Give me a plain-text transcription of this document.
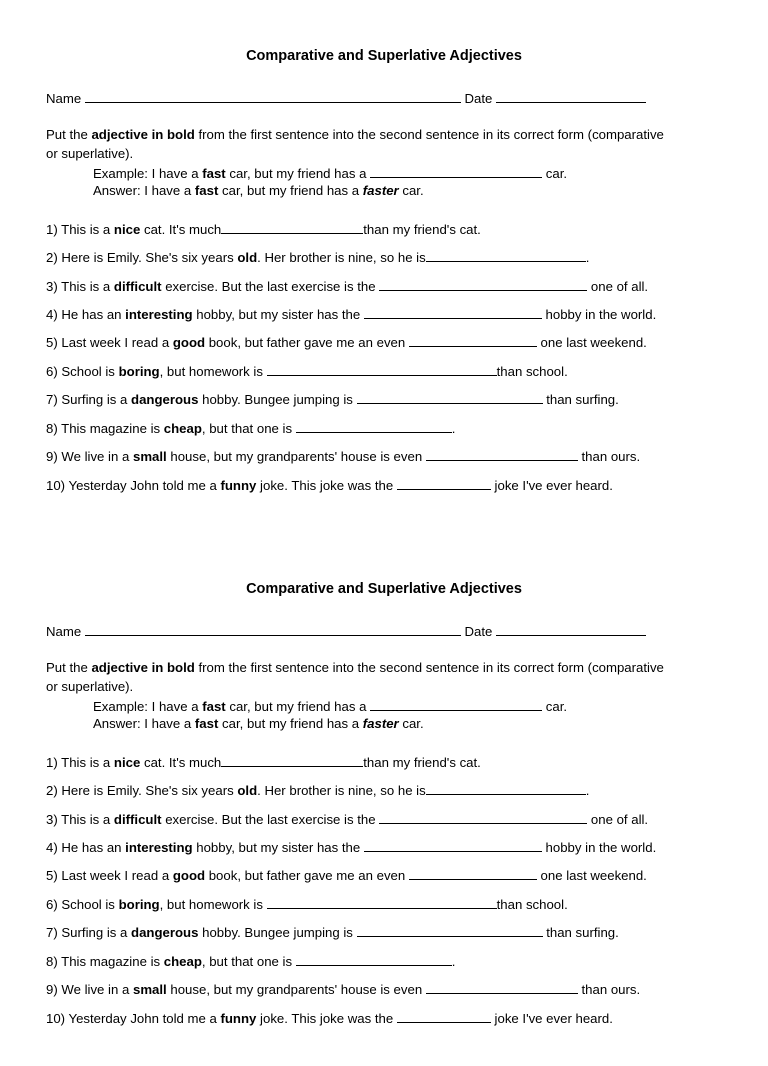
Comparative and Superlative Adjectives
Name	Date
Put the adjective in bold from the first sentence into the second sentence in its correct form (comparative
or superlative).
Example: I have a fast car, but my friend has a	car.
Answer: I have a fast car, but my friend has a faster car.
1) This is a nice cat. It's much	than my friend's cat.
2) Here is Emily. She's six years old. Her brother is nine, so he is	.
3) This is a difficult exercise. But the last exercise is the	one of all.
4) He has an interesting hobby, but my sister has the	hobby in the world.
5) Last week I read a good book, but father gave me an even	one last weekend.
6) School is boring, but homework is	than school.
7) Surfing is a dangerous hobby. Bungee jumping is	than surfing.
8) This magazine is cheap, but that one is	.
9) We live in a small house, but my grandparents' house is even	than ours.
10) Yesterday John told me a funny joke. This joke was the	joke I've ever heard.
Comparative and Superlative Adjectives
Name	Date
Put the adjective in bold from the first sentence into the second sentence in its correct form (comparative
or superlative).
Example: I have a fast car, but my friend has a	car.
Answer: I have a fast car, but my friend has a faster car.
1) This is a nice cat. It's much	than my friend's cat.
2) Here is Emily. She's six years old. Her brother is nine, so he is	.
3) This is a difficult exercise. But the last exercise is the	one of all.
4) He has an interesting hobby, but my sister has the	hobby in the world.
5) Last week I read a good book, but father gave me an even	one last weekend.
6) School is boring, but homework is	than school.
7) Surfing is a dangerous hobby. Bungee jumping is	than surfing.
8) This magazine is cheap, but that one is	.
9) We live in a small house, but my grandparents' house is even	than ours.
10) Yesterday John told me a funny joke. This joke was the	joke I've ever heard.
